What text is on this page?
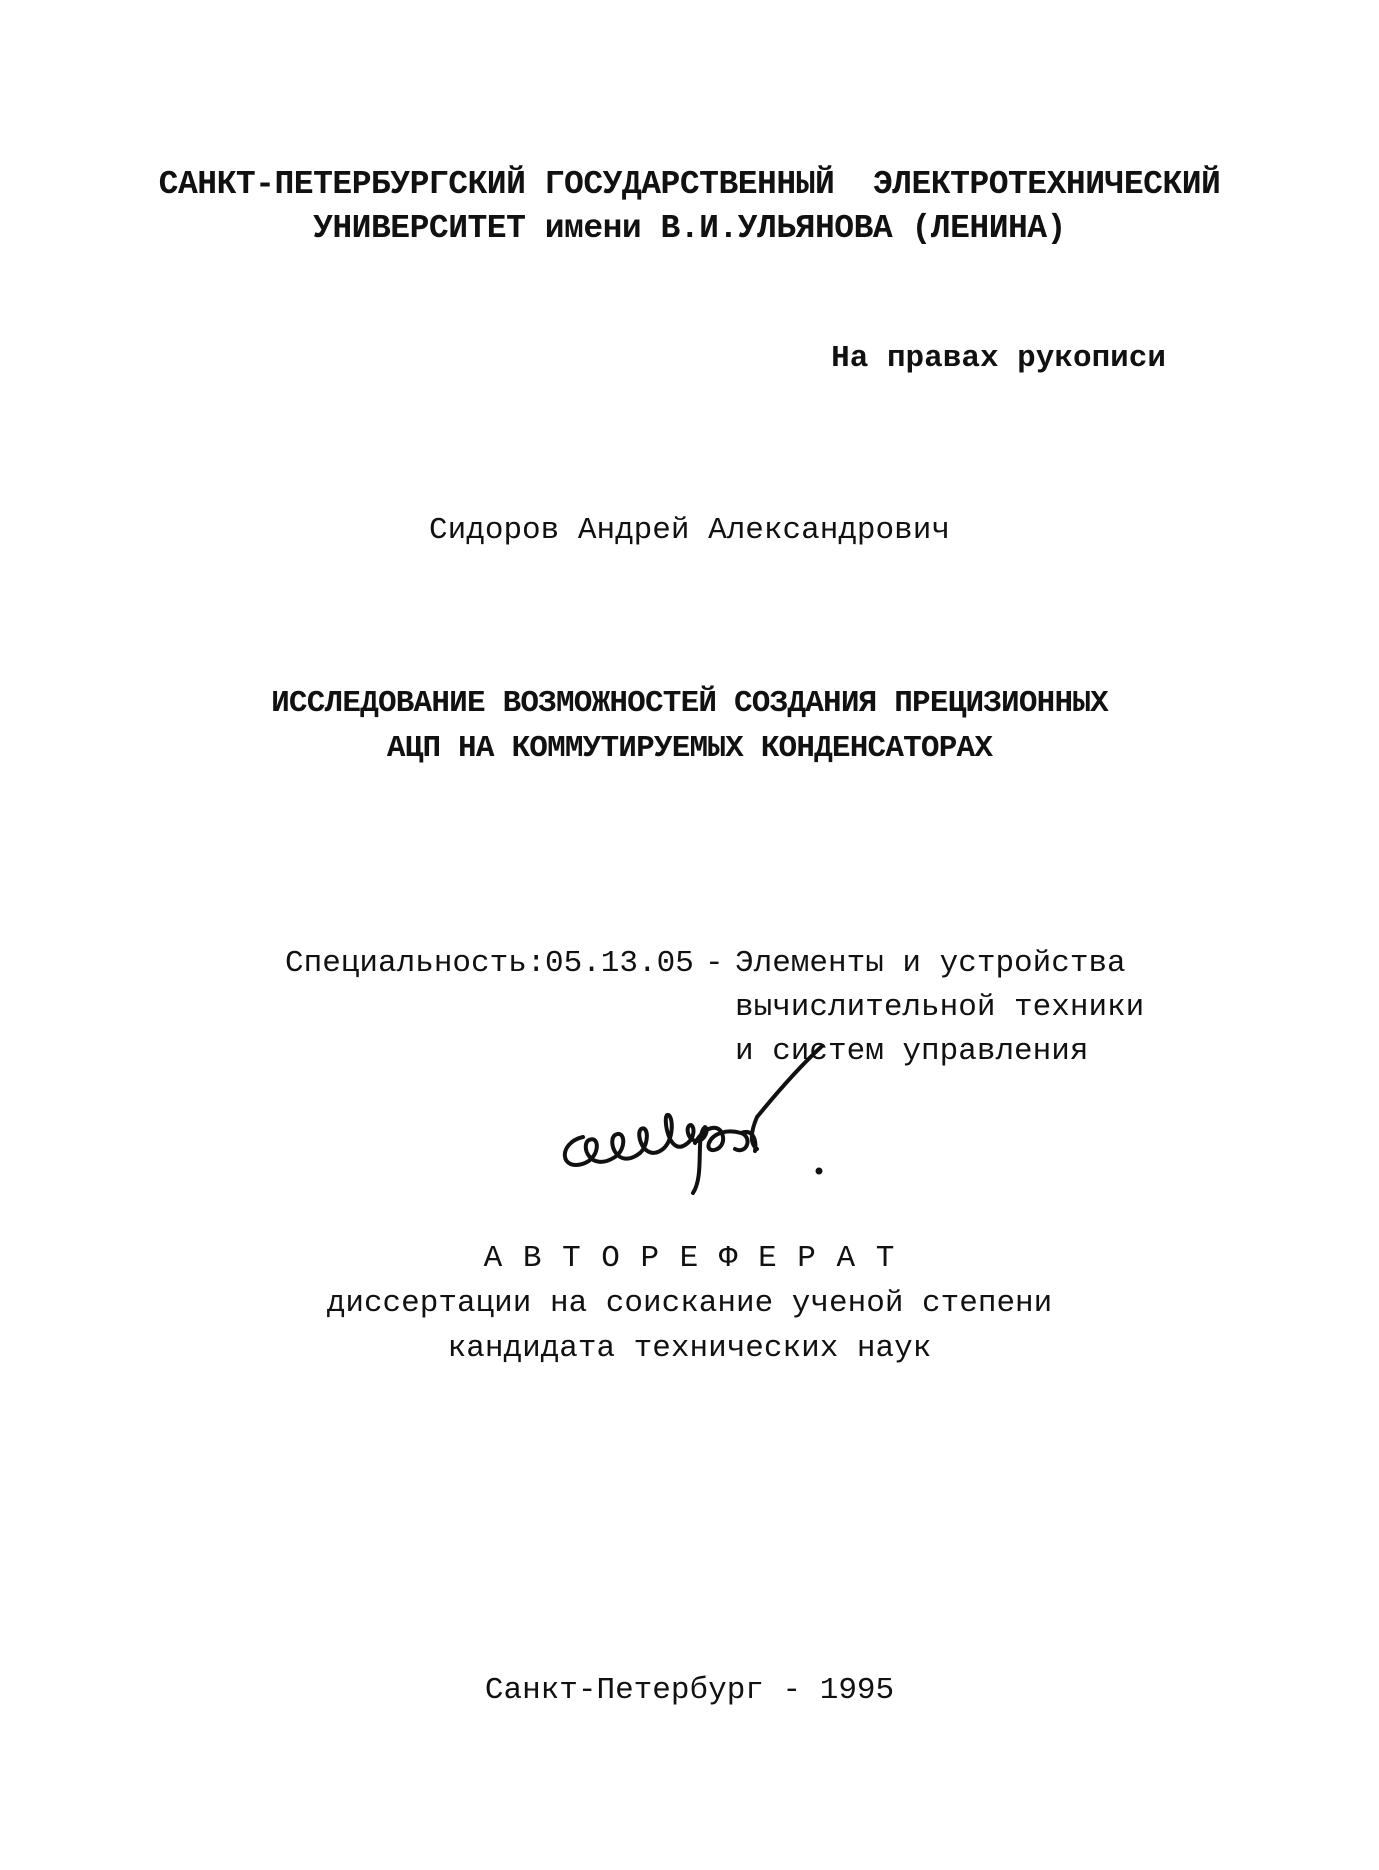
САНКТ-ПЕТЕРБУРГСКИЙ ГОСУДАРСТВЕННЫЙ  ЭЛЕКТРОТЕХНИЧЕСКИЙ
УНИВЕРСИТЕТ имени В.И.УЛЬЯНОВА (ЛЕНИНА)
На правах рукописи
Сидоров Андрей Александрович
ИССЛЕДОВАНИЕ ВОЗМОЖНОСТЕЙ СОЗДАНИЯ ПРЕЦИЗИОННЫХ
АЦП НА КОММУТИРУЕМЫХ КОНДЕНСАТОРАХ
Специальность: 05.13.05 - Элементы и устройства
вычислительной техники
и систем управления
А В Т О Р Е Ф Е Р А Т
диссертации на соискание ученой степени
кандидата технических наук
Санкт-Петербург - 1995
